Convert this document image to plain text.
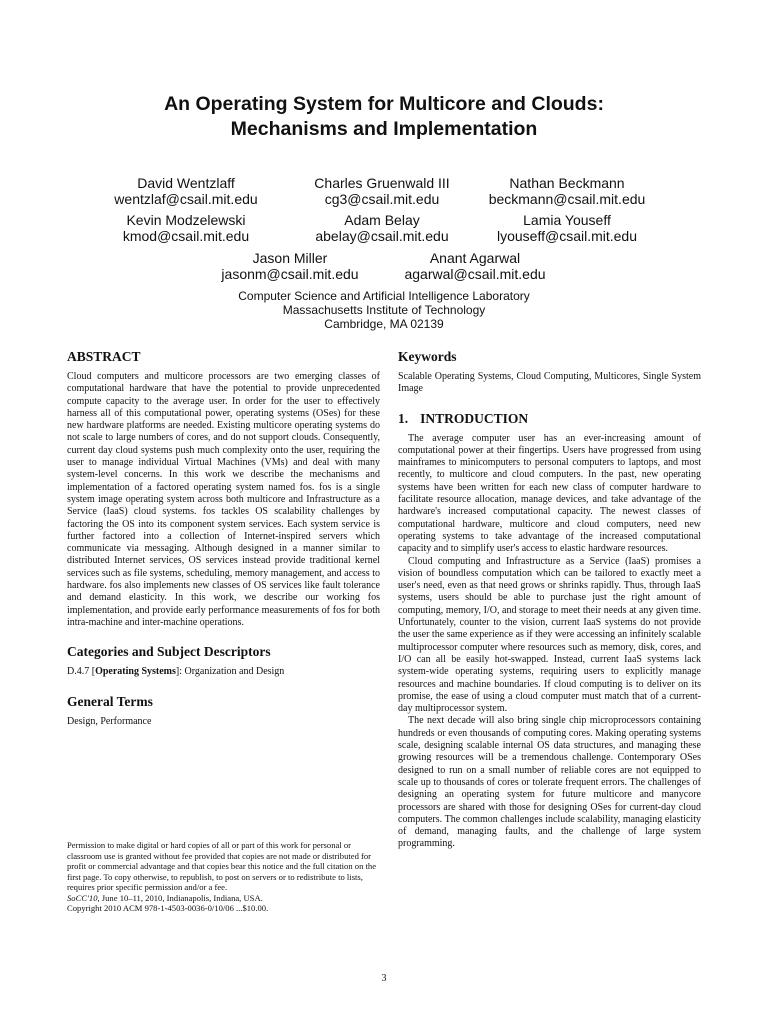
An Operating System for Multicore and Clouds:
Mechanisms and Implementation
David Wentzlaff
wentzlaf@csail.mit.edu
Charles Gruenwald III
cg3@csail.mit.edu
Nathan Beckmann
beckmann@csail.mit.edu
Kevin Modzelewski
kmod@csail.mit.edu
Adam Belay
abelay@csail.mit.edu
Lamia Youseff
lyouseff@csail.mit.edu
Jason Miller
jasonm@csail.mit.edu
Anant Agarwal
agarwal@csail.mit.edu
Computer Science and Artificial Intelligence Laboratory
Massachusetts Institute of Technology
Cambridge, MA 02139
ABSTRACT

Cloud computers and multicore processors are two emerging classes of computational hardware that have the potential to provide unprecedented compute capacity to the average user. In order for the user to effectively harness all of this computational power, operating systems (OSes) for these new hardware platforms are needed. Existing multicore operating systems do not scale to large numbers of cores, and do not support clouds. Consequently, current day cloud systems push much complexity onto the user, requiring the user to manage individual Virtual Machines (VMs) and deal with many system-level concerns. In this work we describe the mechanisms and implementation of a factored operating system named fos. fos is a single system image operating system across both multicore and Infrastructure as a Service (IaaS) cloud systems. fos tackles OS scalability challenges by factoring the OS into its component system services. Each system service is further factored into a collection of Internet-inspired servers which communicate via messaging. Although designed in a manner similar to distributed Internet services, OS services instead provide traditional kernel services such as file systems, scheduling, memory management, and access to hardware. fos also implements new classes of OS services like fault tolerance and demand elasticity. In this work, we describe our working fos implementation, and provide early performance measurements of fos for both intra-machine and inter-machine operations.

Categories and Subject Descriptors

D.4.7 [Operating Systems]: Organization and Design

General Terms

Design, Performance

Permission to make digital or hard copies of all or part of this work for personal or classroom use is granted without fee provided that copies are not made or distributed for profit or commercial advantage and that copies bear this notice and the full citation on the first page. To copy otherwise, to republish, to post on servers or to redistribute to lists, requires prior specific permission and/or a fee.
SoCC'10, June 10–11, 2010, Indianapolis, Indiana, USA.
Copyright 2010 ACM 978-1-4503-0036-0/10/06 ...$10.00.
Keywords

Scalable Operating Systems, Cloud Computing, Multicores, Single System Image

1. INTRODUCTION

The average computer user has an ever-increasing amount of computational power at their fingertips. Users have progressed from using mainframes to minicomputers to personal computers to laptops, and most recently, to multicore and cloud computers. In the past, new operating systems have been written for each new class of computer hardware to facilitate resource allocation, manage devices, and take advantage of the hardware's increased computational capacity. The newest classes of computational hardware, multicore and cloud computers, need new operating systems to take advantage of the increased computational capacity and to simplify user's access to elastic hardware resources.

Cloud computing and Infrastructure as a Service (IaaS) promises a vision of boundless computation which can be tailored to exactly meet a user's need, even as that need grows or shrinks rapidly. Thus, through IaaS systems, users should be able to purchase just the right amount of computing, memory, I/O, and storage to meet their needs at any given time. Unfortunately, counter to the vision, current IaaS systems do not provide the user the same experience as if they were accessing an infinitely scalable multiprocessor computer where resources such as memory, disk, cores, and I/O can all be easily hot-swapped. Instead, current IaaS systems lack system-wide operating systems, requiring users to explicitly manage resources and machine boundaries. If cloud computing is to deliver on its promise, the ease of using a cloud computer must match that of a current-day multiprocessor system.

The next decade will also bring single chip microprocessors containing hundreds or even thousands of computing cores. Making operating systems scale, designing scalable internal OS data structures, and managing these growing resources will be a tremendous challenge. Contemporary OSes designed to run on a small number of reliable cores are not equipped to scale up to thousands of cores or tolerate frequent errors. The challenges of designing an operating system for future multicore and manycore processors are shared with those for designing OSes for current-day cloud computers. The common challenges include scalability, managing elasticity of demand, managing faults, and the challenge of large system programming.

3
